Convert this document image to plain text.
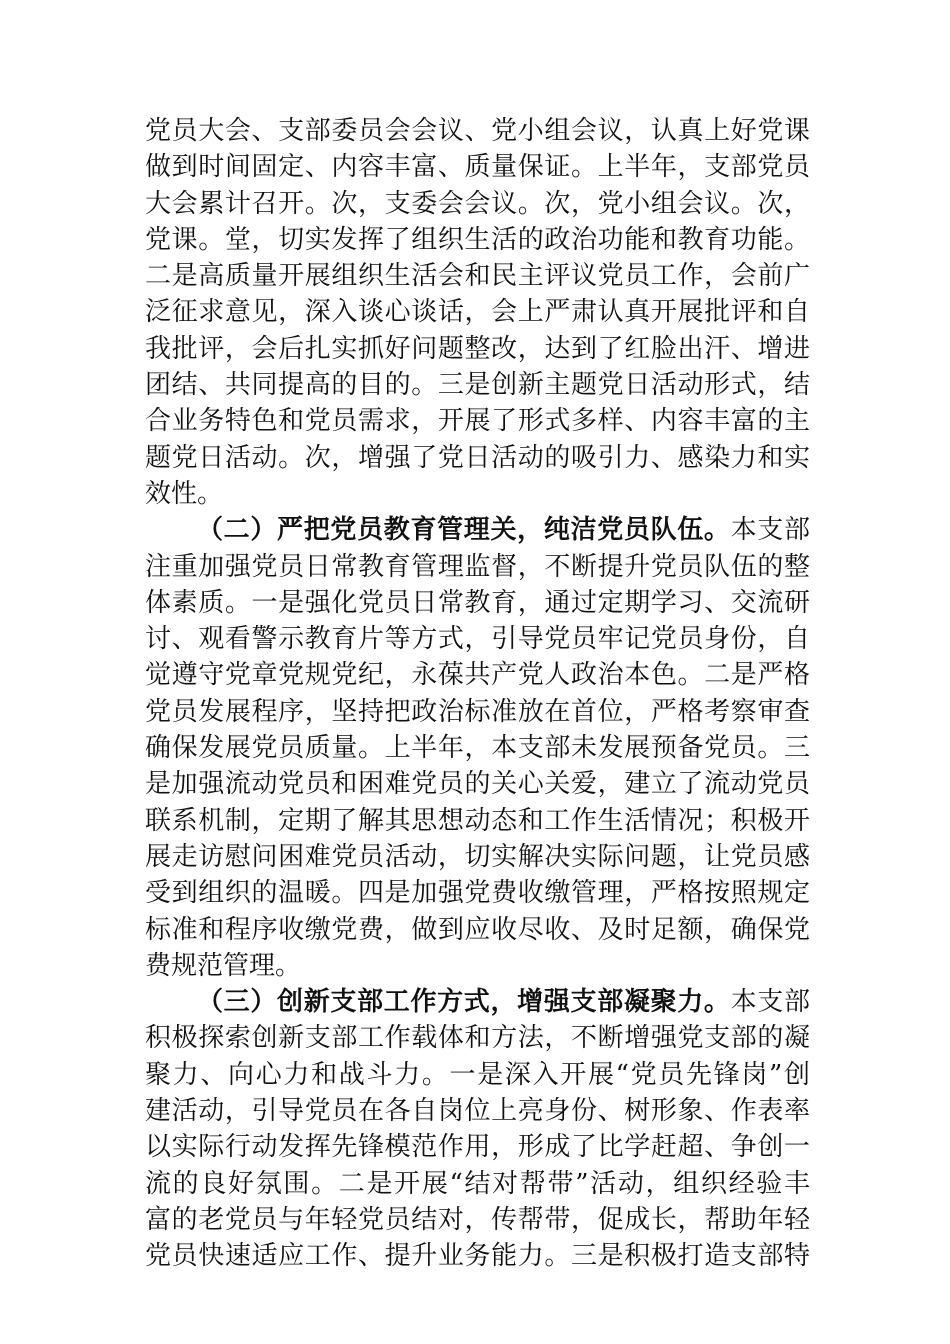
党员大会、支部委员会会议、党小组会议，认真上好党课
做到时间固定、内容丰富、质量保证。上半年，支部党员
大会累计召开。次，支委会会议。次，党小组会议。次，
党课。堂，切实发挥了组织生活的政治功能和教育功能。
二是高质量开展组织生活会和民主评议党员工作，会前广
泛征求意见，深入谈心谈话，会上严肃认真开展批评和自
我批评，会后扎实抓好问题整改，达到了红脸出汗、增进
团结、共同提高的目的。三是创新主题党日活动形式，结
合业务特色和党员需求，开展了形式多样、内容丰富的主
题党日活动。次，增强了党日活动的吸引力、感染力和实
效性。
（二）严把党员教育管理关，纯洁党员队伍。本支部
注重加强党员日常教育管理监督，不断提升党员队伍的整
体素质。一是强化党员日常教育，通过定期学习、交流研
讨、观看警示教育片等方式，引导党员牢记党员身份，自
觉遵守党章党规党纪，永葆共产党人政治本色。二是严格
党员发展程序，坚持把政治标准放在首位，严格考察审查
确保发展党员质量。上半年，本支部未发展预备党员。三
是加强流动党员和困难党员的关心关爱，建立了流动党员
联系机制，定期了解其思想动态和工作生活情况；积极开
展走访慰问困难党员活动，切实解决实际问题，让党员感
受到组织的温暖。四是加强党费收缴管理，严格按照规定
标准和程序收缴党费，做到应收尽收、及时足额，确保党
费规范管理。
（三）创新支部工作方式，增强支部凝聚力。本支部
积极探索创新支部工作载体和方法，不断增强党支部的凝
聚力、向心力和战斗力。一是深入开展“党员先锋岗”创
建活动，引导党员在各自岗位上亮身份、树形象、作表率
以实际行动发挥先锋模范作用，形成了比学赶超、争创一
流的良好氛围。二是开展“结对帮带”活动，组织经验丰
富的老党员与年轻党员结对，传帮带，促成长，帮助年轻
党员快速适应工作、提升业务能力。三是积极打造支部特
